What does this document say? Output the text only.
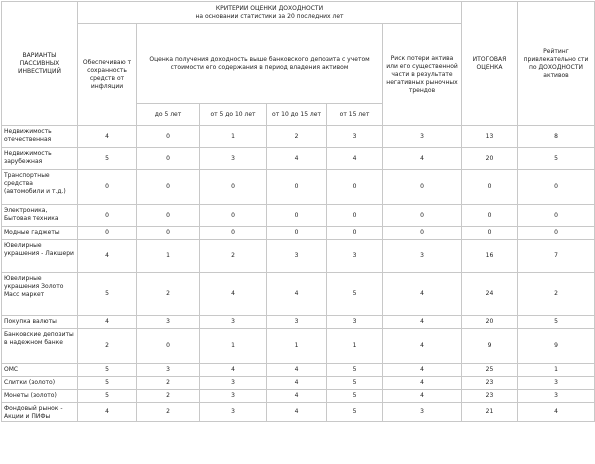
ВАРИАНТЫ ПАССИВНЫХ ИНВЕСТИЦИЙ	КРИТЕРИИ ОЦЕНКИ ДОХОДНОСТИ
на основании статистики за 20 последних лет						ИТОГОВАЯ ОЦЕНКА	Рейтинг привлекательно сти по ДОХОДНОСТИ активов
	Обеспечиваю т сохранность средств от инфляции	Оценка получения доходность выше банковского депозита с учетом стоимости его содержания в период владения активом				Риск потери актива или его существенной части в результате негативных рыночных трендов		
		до 5 лет	от 5 до 10 лет	от 10 до 15 лет	от 15 лет			
Недвижимость отечественная	4	0	1	2	3	3	13	8
Недвижимость зарубежная	5	0	3	4	4	4	20	5
Транспортные средства (автомобили и т.д.)	0	0	0	0	0	0	0	0
Электроника, Бытовая техника	0	0	0	0	0	0	0	0
Модные гаджеты	0	0	0	0	0	0	0	0
Ювелирные украшения - Лакшери	4	1	2	3	3	3	16	7
Ювелирные украшения Золото Масс маркет	5	2	4	4	5	4	24	2
Покупка валюты	4	3	3	3	3	4	20	5
Банковские депозиты в надежном банке	2	0	1	1	1	4	9	9
ОМС	5	3	4	4	5	4	25	1
Слитки (золото)	5	2	3	4	5	4	23	3
Монеты (золото)	5	2	3	4	5	4	23	3
Фондовый рынок - Акции и ПИФы	4	2	3	4	5	3	21	4
